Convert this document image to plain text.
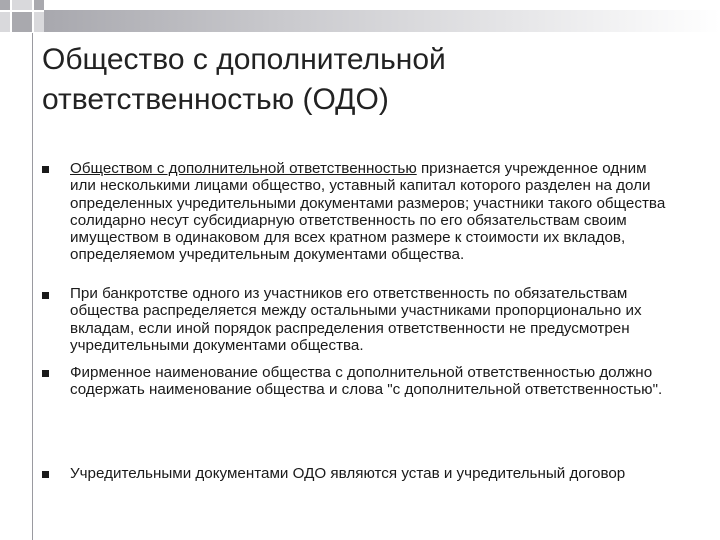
Общество с дополнительной
ответственностью (ОДО)
Обществом с дополнительной ответственностью признается учрежденное одним или несколькими лицами общество, уставный капитал которого разделен на доли определенных учредительными документами размеров; участники такого общества солидарно несут субсидиарную ответственность по его обязательствам своим имуществом в одинаковом для всех кратном размере к стоимости их вкладов, определяемом учредительным документами общества.
При банкротстве одного из участников его ответственность по обязательствам общества распределяется между остальными участниками пропорционально их вкладам, если иной порядок распределения ответственности не предусмотрен учредительными документами общества.
Фирменное наименование общества с дополнительной ответственностью должно содержать наименование общества и слова "с дополнительной ответственностью".
Учредительными документами ОДО являются устав и учредительный договор
